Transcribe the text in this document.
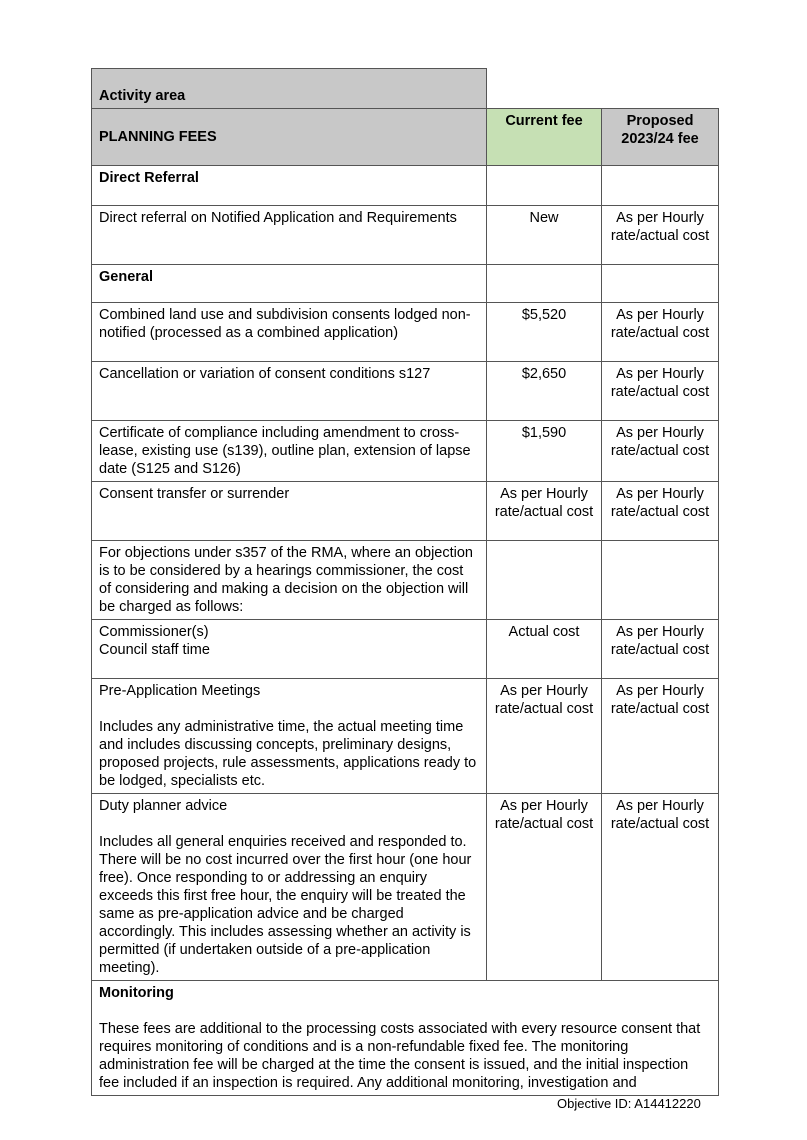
Activity area		
PLANNING FEES	Current fee	Proposed 2023/24 fee
Direct Referral		
Direct referral on Notified Application and Requirements	New	As per Hourly rate/actual cost
General		
Combined land use and subdivision consents lodged non-notified (processed as a combined application)	$5,520	As per Hourly rate/actual cost
Cancellation or variation of consent conditions s127	$2,650	As per Hourly rate/actual cost
Certificate of compliance including amendment to cross-lease, existing use (s139), outline plan, extension of lapse date (S125 and S126)	$1,590	As per Hourly rate/actual cost
Consent transfer or surrender	As per Hourly rate/actual cost	As per Hourly rate/actual cost
For objections under s357 of the RMA, where an objection is to be considered by a hearings commissioner, the cost of considering and making a decision on the objection will be charged as follows:		
Commissioner(s)
Council staff time	Actual cost	As per Hourly rate/actual cost
Pre-Application Meetings

Includes any administrative time, the actual meeting time and includes discussing concepts, preliminary designs, proposed projects, rule assessments, applications ready to be lodged, specialists etc.	As per Hourly rate/actual cost	As per Hourly rate/actual cost
Duty planner advice

Includes all general enquiries received and responded to. There will be no cost incurred over the first hour (one hour free). Once responding to or addressing an enquiry exceeds this first free hour, the enquiry will be treated the same as pre-application advice and be charged accordingly. This includes assessing whether an activity is permitted (if undertaken outside of a pre-application meeting).	As per Hourly rate/actual cost	As per Hourly rate/actual cost

Monitoring
These fees are additional to the processing costs associated with every resource consent that requires monitoring of conditions and is a non-refundable fixed fee. The monitoring administration fee will be charged at the time the consent is issued, and the initial inspection fee included if an inspection is required. Any additional monitoring, investigation and		
Objective ID: A14412220
